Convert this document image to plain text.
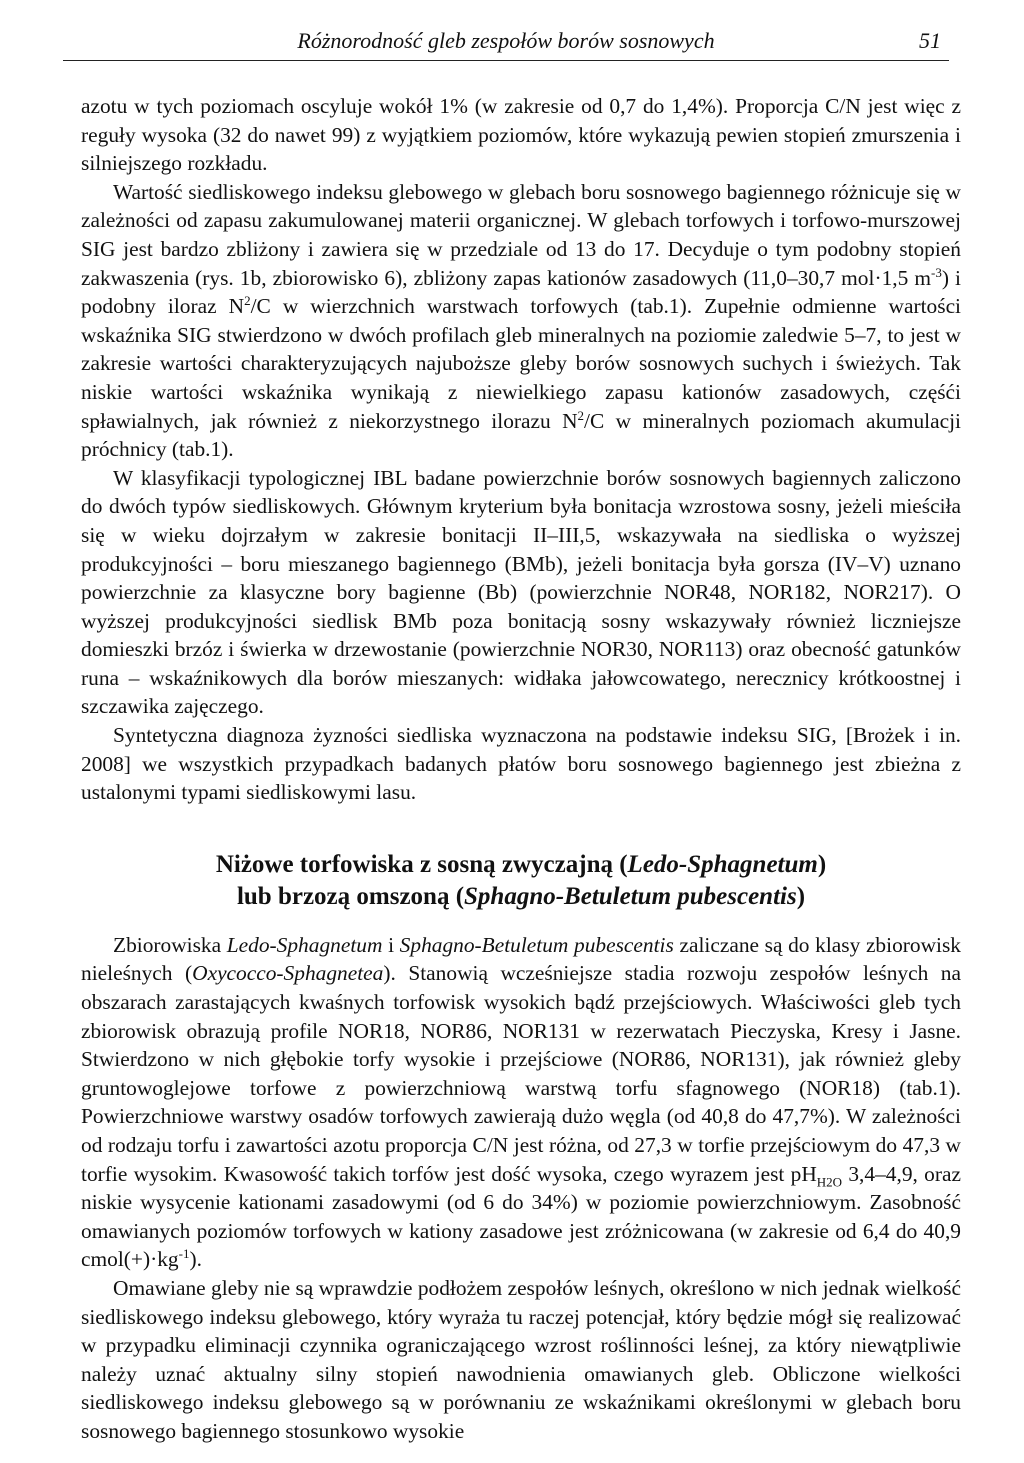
Różnorodność gleb zespołów borów sosnowych	51

azotu w tych poziomach oscyluje wokół 1% (w zakresie od 0,7 do 1,4%). Proporcja C/N jest więc z reguły wysoka (32 do nawet 99) z wyjątkiem poziomów, które wykazują pewien stopień zmurszenia i silniejszego rozkładu.

Wartość siedliskowego indeksu glebowego w glebach boru sosnowego bagiennego różnicuje się w zależności od zapasu zakumulowanej materii organicznej. W glebach torfowych i torfowo-murszowej SIG jest bardzo zbliżony i zawiera się w przedziale od 13 do 17. Decyduje o tym podobny stopień zakwaszenia (rys. 1b, zbiorowisko 6), zbliżony zapas kationów zasadowych (11,0–30,7 mol·1,5 $m^{-3}$) i podobny iloraz $N^2/C$ w wierzchnich warstwach torfowych (tab.1). Zupełnie odmienne wartości wskaźnika SIG stwierdzono w dwóch profilach gleb mineralnych na poziomie zaledwie 5–7, to jest w zakresie wartości charakteryzujących najuboższe gleby borów sosnowych suchych i świeżych. Tak niskie wartości wskaźnika wynikają z niewielkiego zapasu kationów zasadowych, częśći spławialnych, jak również z niekorzystnego ilorazu $N^2/C$ w mineralnych poziomach akumulacji próchnicy (tab.1).

W klasyfikacji typologicznej IBL badane powierzchnie borów sosnowych bagiennych zaliczono do dwóch typów siedliskowych. Głównym kryterium była bonitacja wzrostowa sosny, jeżeli mieściła się w wieku dojrzałym w zakresie bonitacji II–III,5, wskazywała na siedliska o wyższej produkcyjności – boru mieszanego bagiennego (BMb), jeżeli bonitacja była gorsza (IV–V) uznano powierzchnie za klasyczne bory bagienne (Bb) (powierzchnie NOR48, NOR182, NOR217). O wyższej produkcyjności siedlisk BMb poza bonitacją sosny wskazywały również liczniejsze domieszki brzóz i świerka w drzewostanie (powierzchnie NOR30, NOR113) oraz obecność gatunków runa – wskaźnikowych dla borów mieszanych: widłaka jałowcowatego, nerecznicy krótkoostnej i szczawika zajęczego.

Syntetyczna diagnoza żyzności siedliska wyznaczona na podstawie indeksu SIG, [Brożek i in. 2008] we wszystkich przypadkach badanych płatów boru sosnowego bagiennego jest zbieżna z ustalonymi typami siedliskowymi lasu.

Niżowe torfowiska z sosną zwyczajną (Ledo-Sphagnetum)
lub brzozą omszoną (Sphagno-Betuletum pubescentis)

Zbiorowiska Ledo-Sphagnetum i Sphagno-Betuletum pubescentis zaliczane są do klasy zbiorowisk nieleśnych (Oxycocco-Sphagnetea). Stanowią wcześniejsze stadia rozwoju zespołów leśnych na obszarach zarastających kwaśnych torfowisk wysokich bądź przejściowych. Właściwości gleb tych zbiorowisk obrazują profile NOR18, NOR86, NOR131 w rezerwatach Pieczyska, Kresy i Jasne. Stwierdzono w nich głębokie torfy wysokie i przejściowe (NOR86, NOR131), jak również gleby gruntowoglejowe torfowe z powierzchniową warstwą torfu sfagnowego (NOR18) (tab.1). Powierzchniowe warstwy osadów torfowych zawierają dużo węgla (od 40,8 do 47,7%). W zależności od rodzaju torfu i zawartości azotu proporcja C/N jest różna, od 27,3 w torfie przejściowym do 47,3 w torfie wysokim. Kwasowość takich torfów jest dość wysoka, czego wyrazem jest $pH_{H2O}$ 3,4–4,9, oraz niskie wysycenie kationami zasadowymi (od 6 do 34%) w poziomie powierzchniowym. Zasobność omawianych poziomów torfowych w kationy zasadowe jest zróżnicowana (w zakresie od 6,4 do 40,9 $cmol(+)\cdot kg^{-1}$).

Omawiane gleby nie są wprawdzie podłożem zespołów leśnych, określono w nich jednak wielkość siedliskowego indeksu glebowego, który wyraża tu raczej potencjał, który będzie mógł się realizować w przypadku eliminacji czynnika ograniczającego wzrost roślinności leśnej, za który niewątpliwie należy uznać aktualny silny stopień nawodnienia omawianych gleb. Obliczone wielkości siedliskowego indeksu glebowego są w porównaniu ze wskaźnikami określonymi w glebach boru sosnowego bagiennego stosunkowo wysokie
